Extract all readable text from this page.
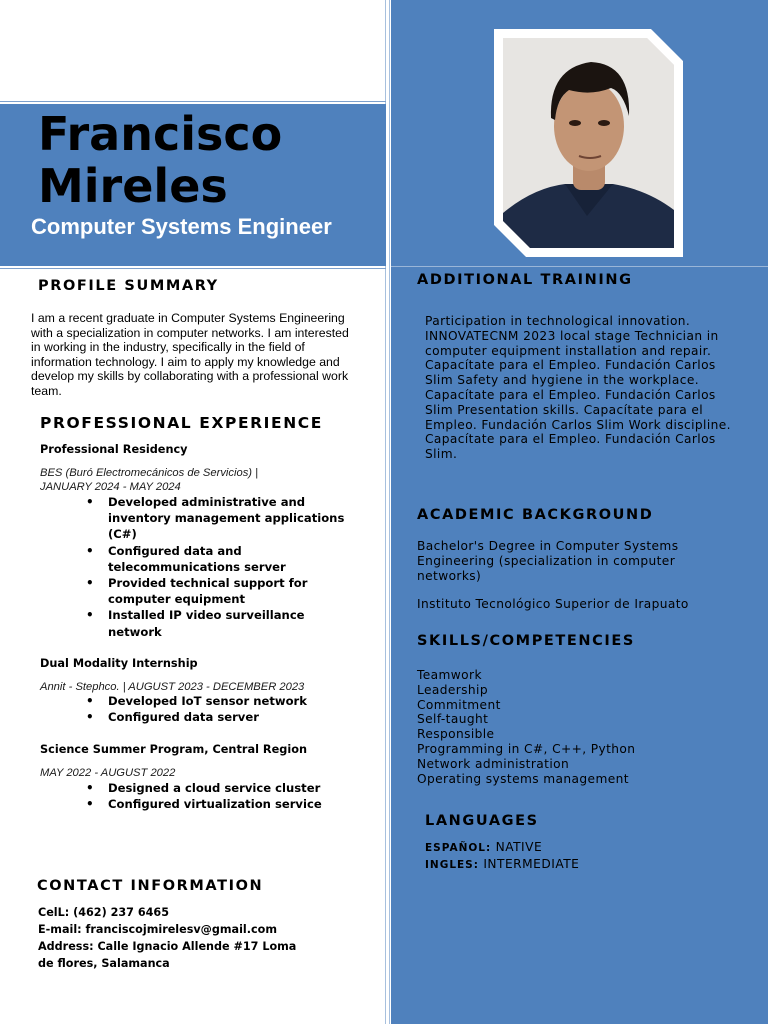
Francisco
Mireles
Computer Systems Engineer
PROFILE SUMMARY
I am a recent graduate in Computer Systems Engineering with a specialization in computer networks. I am interested in working in the industry, specifically in the field of information technology. I aim to apply my knowledge and develop my skills by collaborating with a professional work team.
PROFESSIONAL EXPERIENCE
Professional Residency
BES (Buró Electromecánicos de Servicios) | JANUARY 2024 - MAY 2024
• Developed administrative and inventory management applications (C#)
• Configured data and telecommunications server
• Provided technical support for computer equipment
• Installed IP video surveillance network
Dual Modality Internship
Annit - Stephco. | AUGUST 2023 - DECEMBER 2023
• Developed IoT sensor network
• Configured data server
Science Summer Program, Central Region
MAY 2022 - AUGUST 2022
• Designed a cloud service cluster
• Configured virtualization service
CONTACT INFORMATION
CelL: (462) 237 6465
E-mail: franciscojmirelesv@gmail.com
Address: Calle Ignacio Allende #17 Loma de flores, Salamanca
ADDITIONAL TRAINING
Participation in technological innovation. INNOVATECNM 2023 local stage Technician in computer equipment installation and repair. Capacítate para el Empleo. Fundación Carlos Slim Safety and hygiene in the workplace. Capacítate para el Empleo. Fundación Carlos Slim Presentation skills. Capacítate para el Empleo. Fundación Carlos Slim Work discipline. Capacítate para el Empleo. Fundación Carlos Slim.
ACADEMIC BACKGROUND
Bachelor's Degree in Computer Systems Engineering (specialization in computer networks)
Instituto Tecnológico Superior de Irapuato
SKILLS/COMPETENCIES
Teamwork
Leadership
Commitment
Self-taught
Responsible
Programming in C#, C++, Python
Network administration
Operating systems management
LANGUAGES
ESPAÑOL: NATIVE
INGLES: INTERMEDIATE
